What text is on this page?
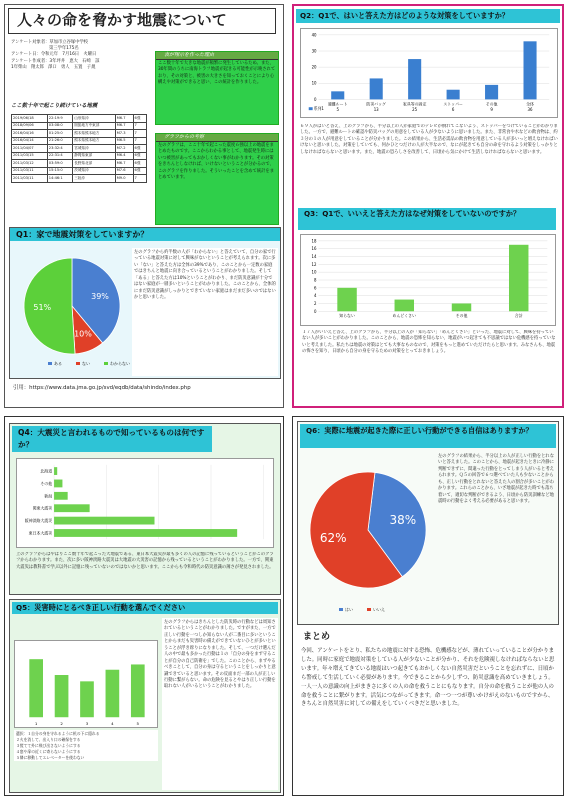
人々の命を脅かす地震について
アンケート対象者：草加市立谷塚中学校
第三学年175名
アンケート日：令和元年　7月16日　火曜日
アンケート作成者：3年坪井　恵大　石崎　諒
1年柴山　翔太郎　澤口　勇人　五置　子規
ここ数十年で起こり続けている地震
2019/06/18	22:19:9	山形県沖	M6.7	6強
2018/09/06	03:08:0	胆振地方中東部	M6.7	7
2016/04/16	01:25:0	熊本県熊本地方	M7.3	7
2016/04/14	21:26:0	熊本県熊本地方	M6.5	7
2011/04/07	23:32:4	宮城県沖	M7.2	6強
2011/03/15	22:31:4	静岡県東部	M6.4	6強
2011/03/12	03:59:0	長野県北部	M6.7	6強
2011/03/11	15:15:0	茨城県沖	M7.6	6強
2011/03/11	14:46:1	三陸沖	M9.0	7
表が翔示を作った理由
ここ数十年で大きな地震が頻繁に発生しているため。また、30年間のうちに南海トラフ地震が起きる可能性が示唆されており、その対策と、被害の大きさを知っておくことにより心構えや対策ができると思い、この統計を作りました。
グラフからの考察
左のグラフは、ここ十年で起こった震度６強以上の地震をまとめたものです。ここからわかる事として、地震発生時にはいつ被害があってもおかしくない事がわかります。その対策をきちんとしなければ、いけないということが分かるので、このグラフを作りました。そういったことを含めて統計をまとめています。
Q1：家で地震対策をしていますか？
39%
10%
51%
ある	ない	わからない
左のグラフから約半数の人が「わからない」と答えていて、自分の家で行っている地震対策に対して興味がないということが考えられます。次に多い「ない」と答えた方は全体の39%であり、このことから一定数の家庭ではきちんと地震に向き合っているということがわかりました。そして「ある」と答えた方は10%ということがわかり、まだ防災意識が十分ではない家庭が一層多いということがわかりました。このことから、全体的にまだ防災意識がしっかりとできていない家庭はまだまだ多いのではないかと思いました。
引用：https://www.data.jma.go.jp/svd/eqdb/data/shindo/index.php
Q2：Q1で、はいと答えた方はどのような対策をしていますか？
0
10
20
30
40
避難ルート	防災バッグ	家具等の固定	ストッパー	その他	全体
5	13	25	6	9	36
系列1
６９人がはいと答え、上のグラフから、半分以上の人が家庭でのテレビが倒れてこないよう、ストッパーをつけていることがわかりました。一方で、避難ルートの確認や防災バッグの用意をしている人が少ないように思いました。また、非常食や水などの飲食物は、約３分の１の人が用意をしていることが分かりました。この結果から、生活必需品の飲食物を用意している人が多いっと増えなければいけないと思いました。対策をしていても、何かひとつだけの人が大半なので、なにが起きても自分の命を守れるよう対策をしっかりとしなければならないと思います。また、地震の恐ろしさを改善して、日頃から気にかけて生活しなければならないと思います。
Q3：Q1で、いいえと答えた方はなぜ対策をしていないのですか？
0
2
4
6
8
10
12
14
16
18
知らない	めんどくさい	その他	合計
１７人がいいえと答え、上のグラフから、半分以上の人が「知らない」「めんどくさい」といった、地震に対して、興味を持っていない人が多いことがわかりました。このことから、地震の恐怖を知らない、地震がいつ起きても不思議ではない危機感を持っていないと考えました。私たちは地震の対策はとても大事なものなので、対策をもっと進めていただけたらと思います。みなさんも、地震の怖さを知り、日頃から自分の身を守るための対策をとっておきましょう。
Q4：大震災と言われるもので知っているものは何ですか？
東日本大震災
阪神淡路大震災
関東大震災
新潟
その他
北海道
上のグラフからはやはりここ数十年で起こった大地震である、東日本大震災が最も多くの人の記憶に残っているということがこのグラフからわかります。また、次に多い阪神淡路大震災は大地震の大災害の記憶から残っているということがわかりました。一方で、関東大震災は教科書で学ぶ以外に記憶に残っていないのではないかと思います。ここからも令和時代の防災意識の薄さが発見されました。
Q5：災害時にとるべき正しい行動を選んでください
1	2	3	4	5
選択：１自分の身を守れるように机の下に隠れる
２火を消して、出入り口の確保をする
３慌てて外に飛び出さないようにする
４窓や扉の近くに寄らないようにする
５隣に移動してエレベーターを使わない
左のグラフからはきちんとした防災時の行動などは周知されているということがわかりました。ですがまた、一方で正しい行動を一つしか知らない人が二番目に多いということからまだも災害時の備えができていないひとが多いということが浮き彫りになりました。そして、一つだけ選んだ人の中で最も多かった行動は１の「自分の身をまず守ることが自分の自己防衛を」でした。このことから、まずやるべきことして、自分の身は守るということをしっかりと意識できていると思います。その反面まだ一部の人が正しい行動に繋がらない。命の危険を見るとやはり正しい行動を取れない人がいるということがわかりました。
Q6：実際に地震が起きた際に正しい行動ができる自信はありますか？
38%
62%
はい	いいえ
左のグラフの結果から、半分以上の人が正しい行動をとれないと答えました。このことから、地震が起きたときに冷静に判断できずに、間違った行動をとってしまう人がいると考えられます。Ｑ５の回答で６つ選べていた人も少ないことからも、正しい行動をとれないと答えた人の割合が多いことがわかります。これらのことから、いざ地震が起きた時でも落ち着いて、適切な判断ができるよう、日頃から防災訓練など地震時の行動をよく考える必要があると思います。
まとめ
今回、アンケートをとり、私たちの地震に対する恐怖、危機感などが、薄れていっていることが分かりました。同時に家庭で地震対策をしている人が少ないことが分かり、それを危険視しなければならないと思います。年々増えてきている地震はいつ起きてもおかしくない自然災害だということを忘れずに、日頃から警戒して生活していく必要があります。今できることから少しずつ、防災意識を高めていきましょう。一人一人の意識の向上がまきさに多くの人の命を救うことにもなります。自分の命を救うことが他の人の命を救うことに繋がります。活気につながってきます。命一つ一つが尊いかけがえのないものですから、きちんと自然災害に対しての備えをしていくべきだと思いました。
